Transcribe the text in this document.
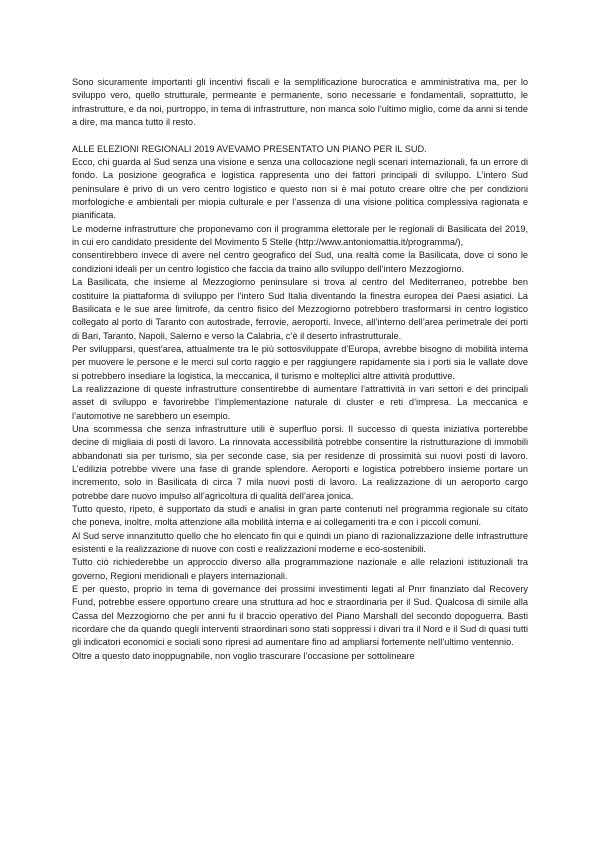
Sono sicuramente importanti gli incentivi fiscali e la semplificazione burocratica e amministrativa ma, per lo sviluppo vero, quello strutturale, permeante e permanente, sono necessarie e fondamentali, soprattutto, le infrastrutture, e da noi, purtroppo, in tema di infrastrutture, non manca solo l’ultimo miglio, come da anni si tende a dire, ma manca tutto il resto.

ALLE ELEZIONI REGIONALI 2019 AVEVAMO PRESENTATO UN PIANO PER IL SUD.

Ecco, chi guarda al Sud senza una visione e senza una collocazione negli scenari internazionali, fa un errore di fondo. La posizione geografica e logistica rappresenta uno dei fattori principali di sviluppo. L’intero Sud peninsulare è privo di un vero centro logistico e questo non si è mai potuto creare oltre che per condizioni morfologiche e ambientali per miopia culturale e per l’assenza di una visione politica complessiva ragionata e pianificata.

Le moderne infrastrutture che proponevamo con il programma elettorale per le regionali di Basilicata del 2019, in cui ero candidato presidente del Movimento 5 Stelle (http://www.antoniomattia.it/programma/),

consentirebbero invece di avere nel centro geografico del Sud, una realtà come la Basilicata, dove ci sono le condizioni ideali per un centro logistico che faccia da traino allo sviluppo dell’intero Mezzogiorno.

La Basilicata, che insieme al Mezzogiorno peninsulare si trova al centro del Mediterraneo, potrebbe ben costituire la piattaforma di sviluppo per l’intero Sud Italia diventando la finestra europea dei Paesi asiatici. La Basilicata e le sue aree limitrofe, da centro fisico del Mezzogiorno potrebbero trasformarsi in centro logistico collegato al porto di Taranto con autostrade, ferrovie, aeroporti. Invece, all’interno dell’area perimetrale dei porti di Bari, Taranto, Napoli, Salerno e verso la Calabria, c’è il deserto infrastrutturale.

Per svilupparsi, quest’area, attualmente tra le più sottosviluppate d’Europa, avrebbe bisogno di mobilità interna per muovere le persone e le merci sul corto raggio e per raggiungere rapidamente sia i porti sia le vallate dove si potrebbero insediare la logistica, la meccanica, il turismo e molteplici altre attività produttive.

La realizzazione di queste infrastrutture consentirebbe di aumentare l’attrattività in vari settori e dei principali asset di sviluppo e favorirebbe l’implementazione naturale di cluster e reti d’impresa. La meccanica e l’automotive ne sarebbero un esempio.

Una scommessa che senza infrastrutture utili è superfluo porsi. Il successo di questa iniziativa porterebbe decine di migliaia di posti di lavoro. La rinnovata accessibilità potrebbe consentire la ristrutturazione di immobili abbandonati sia per turismo, sia per seconde case, sia per residenze di prossimità sui nuovi posti di lavoro. L’edilizia potrebbe vivere una fase di grande splendore. Aeroporti e logistica potrebbero insieme portare un incremento, solo in Basilicata di circa 7 mila nuovi posti di lavoro. La realizzazione di un aeroporto cargo potrebbe dare nuovo impulso all’agricoltura di qualità dell’area jonica.

Tutto questo, ripeto, è supportato da studi e analisi in gran parte contenuti nel programma regionale su citato che poneva, inoltre, molta attenzione alla mobilità interna e ai collegamenti tra e con i piccoli comuni.

Al Sud serve innanzitutto quello che ho elencato fin qui e quindi un piano di razionalizzazione delle infrastrutture esistenti e la realizzazione di nuove con costi e realizzazioni moderne e eco-sostenibili.

Tutto ciò richiederebbe un approccio diverso alla programmazione nazionale e alle relazioni istituzionali tra governo, Regioni meridionali e players internazionali.

E per questo, proprio in tema di governance dei prossimi investimenti legati al Pnrr finanziato dal Recovery Fund, potrebbe essere opportuno creare una struttura ad hoc e straordinaria per il Sud. Qualcosa di simile alla Cassa del Mezzogiorno che per anni fu il braccio operativo del Piano Marshall del secondo dopoguerra. Basti ricordare che da quando quegli interventi straordinari sono stati soppressi i divari tra il Nord e il Sud di quasi tutti gli indicatori economici e sociali sono ripresi ad aumentare fino ad ampliarsi fortemente nell’ultimo ventennio.

Oltre a questo dato inoppugnabile, non voglio trascurare l’occasione per sottolineare
